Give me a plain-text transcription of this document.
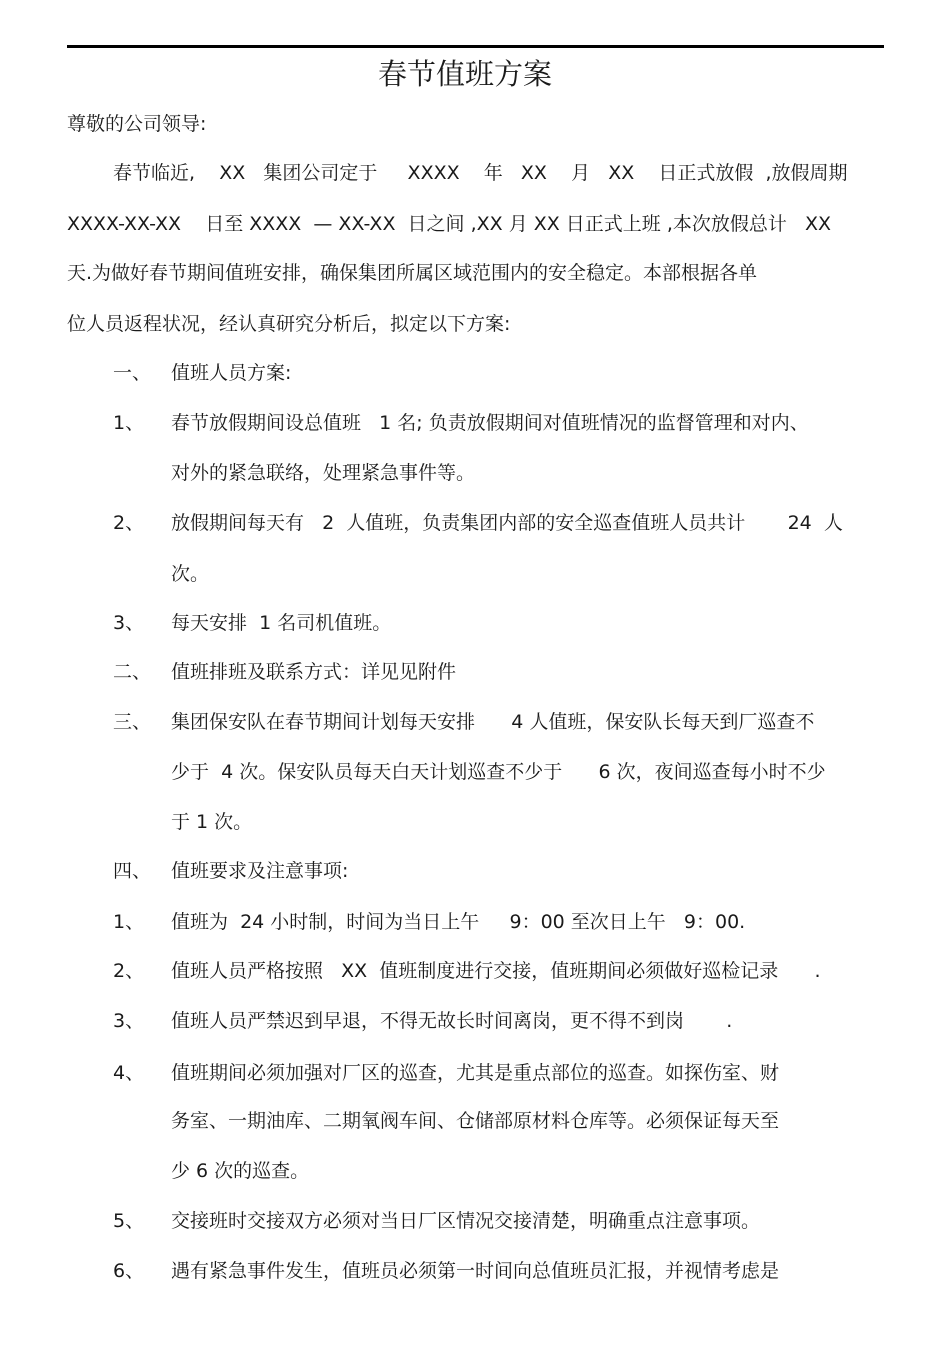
春节值班方案
尊敬的公司领导:
春节临近,    XX   集团公司定于     XXXX    年   XX    月   XX    日正式放假  ,放假周期
XXXX-XX-XX    日至 XXXX  — XX-XX  日之间 ,XX 月 XX 日正式上班 ,本次放假总计   XX
天.为做好春节期间值班安排，确保集团所属区域范围内的安全稳定。本部根据各单
位人员返程状况，经认真研究分析后，拟定以下方案:
一、 值班人员方案:
1、 春节放假期间设总值班   1 名; 负责放假期间对值班情况的监督管理和对内、
对外的紧急联络，处理紧急事件等。
2、 放假期间每天有   2  人值班，负责集团内部的安全巡查值班人员共计       24  人
次。
3、 每天安排  1 名司机值班。
二、 值班排班及联系方式：详见见附件
三、 集团保安队在春节期间计划每天安排      4 人值班，保安队长每天到厂巡查不
少于  4 次。保安队员每天白天计划巡查不少于      6 次，夜间巡查每小时不少
于 1 次。
四、 值班要求及注意事项:
1、 值班为  24 小时制，时间为当日上午     9：00 至次日上午   9：00.
2、 值班人员严格按照   XX  值班制度进行交接，值班期间必须做好巡检记录      .
3、 值班人员严禁迟到早退，不得无故长时间离岗，更不得不到岗       .
4、 值班期间必须加强对厂区的巡查，尤其是重点部位的巡查。如探伤室、财
务室、一期油库、二期氧阀车间、仓储部原材料仓库等。必须保证每天至
少 6 次的巡查。
5、 交接班时交接双方必须对当日厂区情况交接清楚，明确重点注意事项。
6、 遇有紧急事件发生，值班员必须第一时间向总值班员汇报，并视情考虑是
